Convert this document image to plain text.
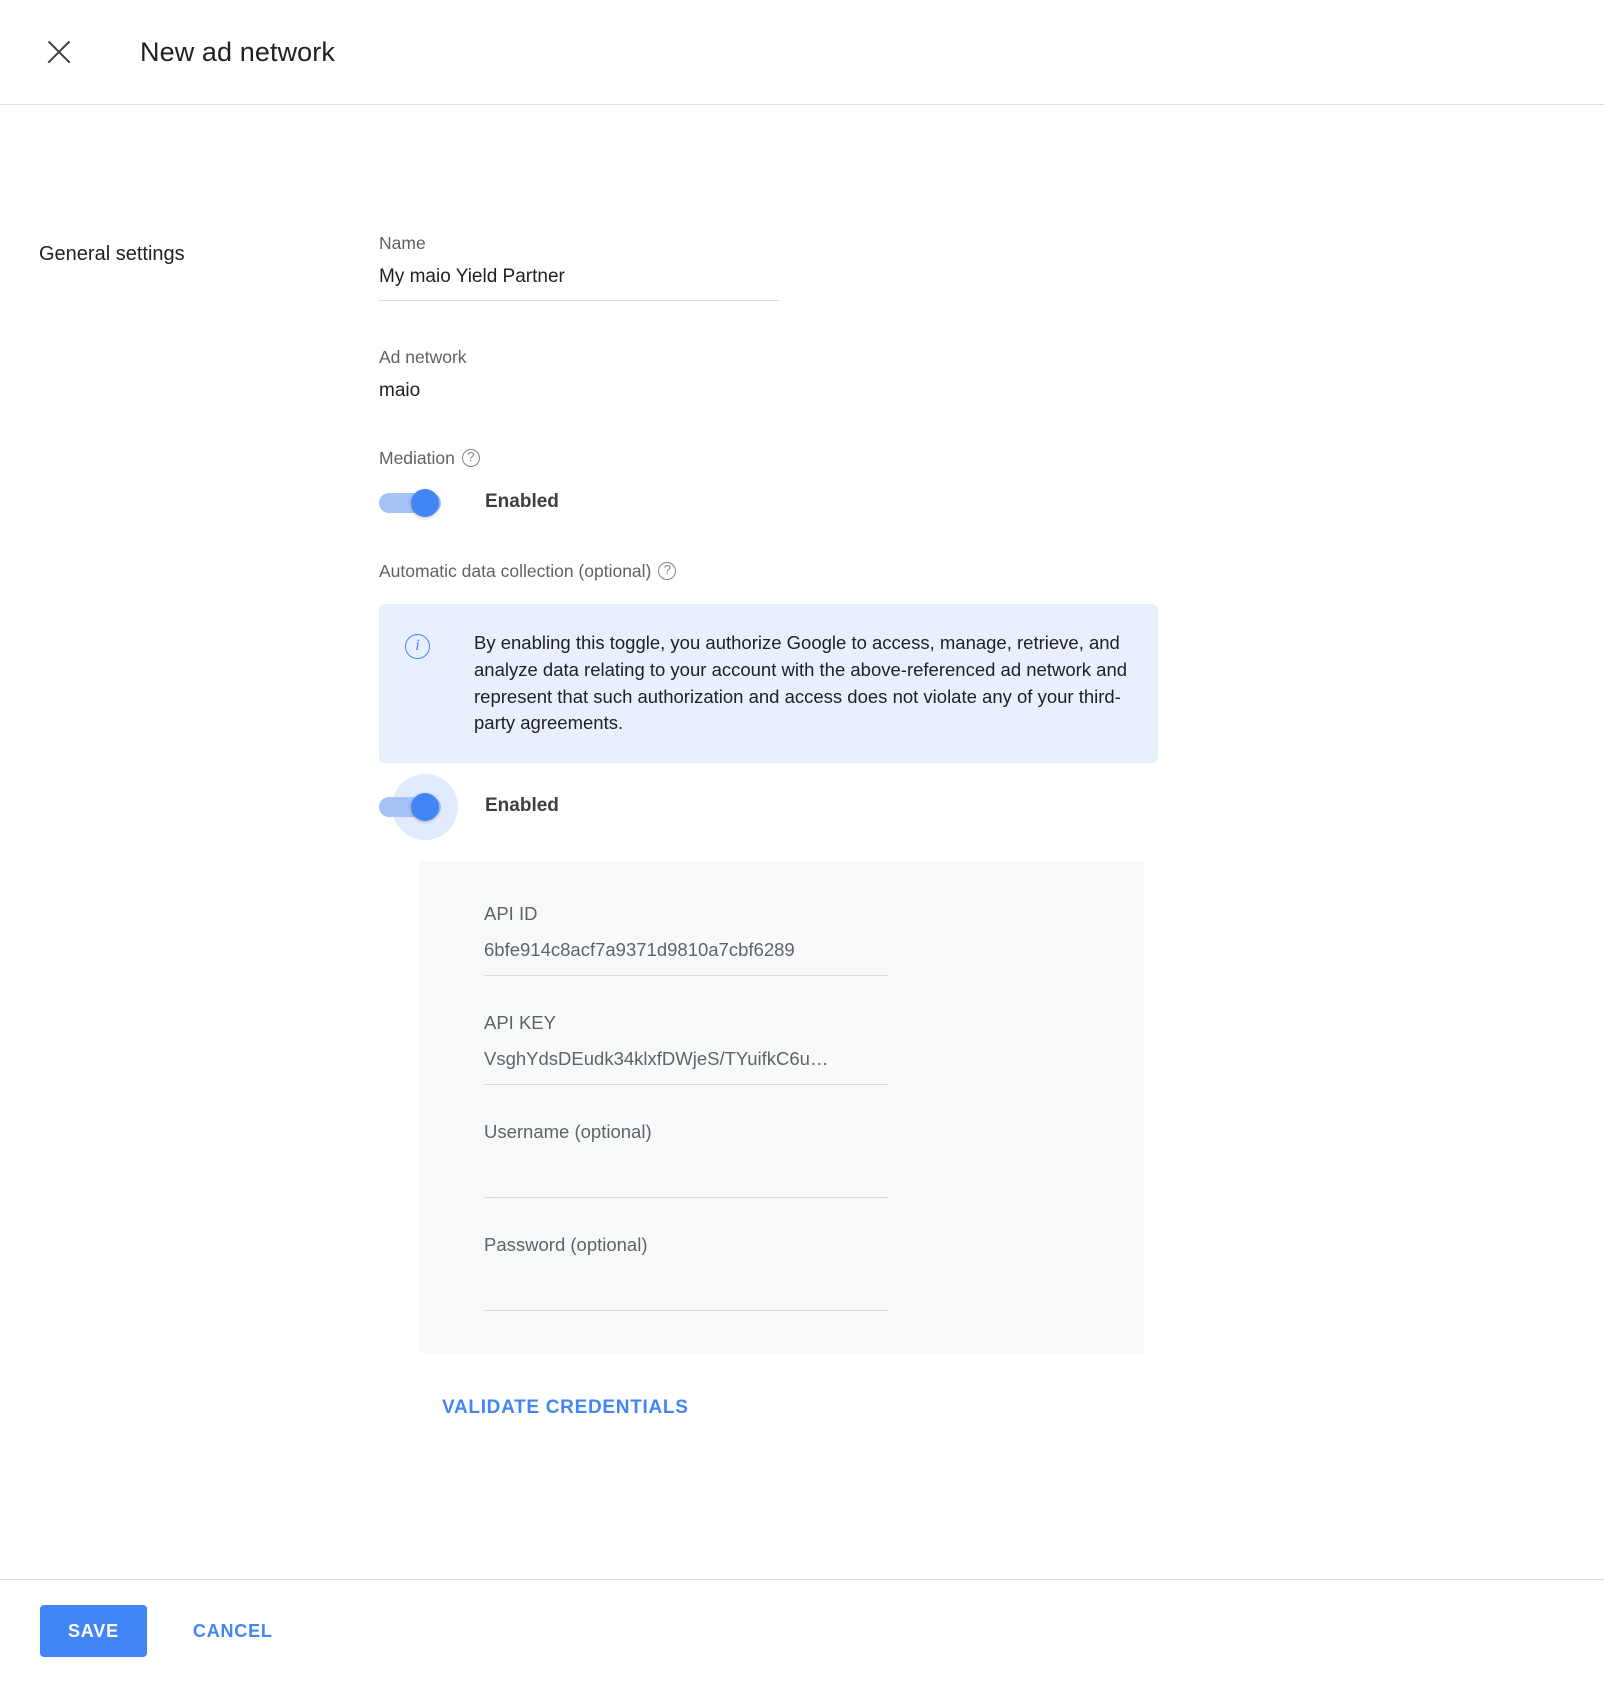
New ad network
General settings	Name
My maio Yield Partner
Ad network
maio
Mediation ?
Enabled
Automatic data collection (optional) ?
i	By enabling this toggle, you authorize Google to access, manage, retrieve, and analyze data relating to your account with the above-referenced ad network and represent that such authorization and access does not violate any of your third-party agreements.
Enabled
API ID
6bfe914c8acf7a9371d9810a7cbf6289
API KEY
VsghYdsDEudk34klxfDWjeS/TYuifkC6u…
Username (optional)
Password (optional)
VALIDATE CREDENTIALS
SAVE	CANCEL
